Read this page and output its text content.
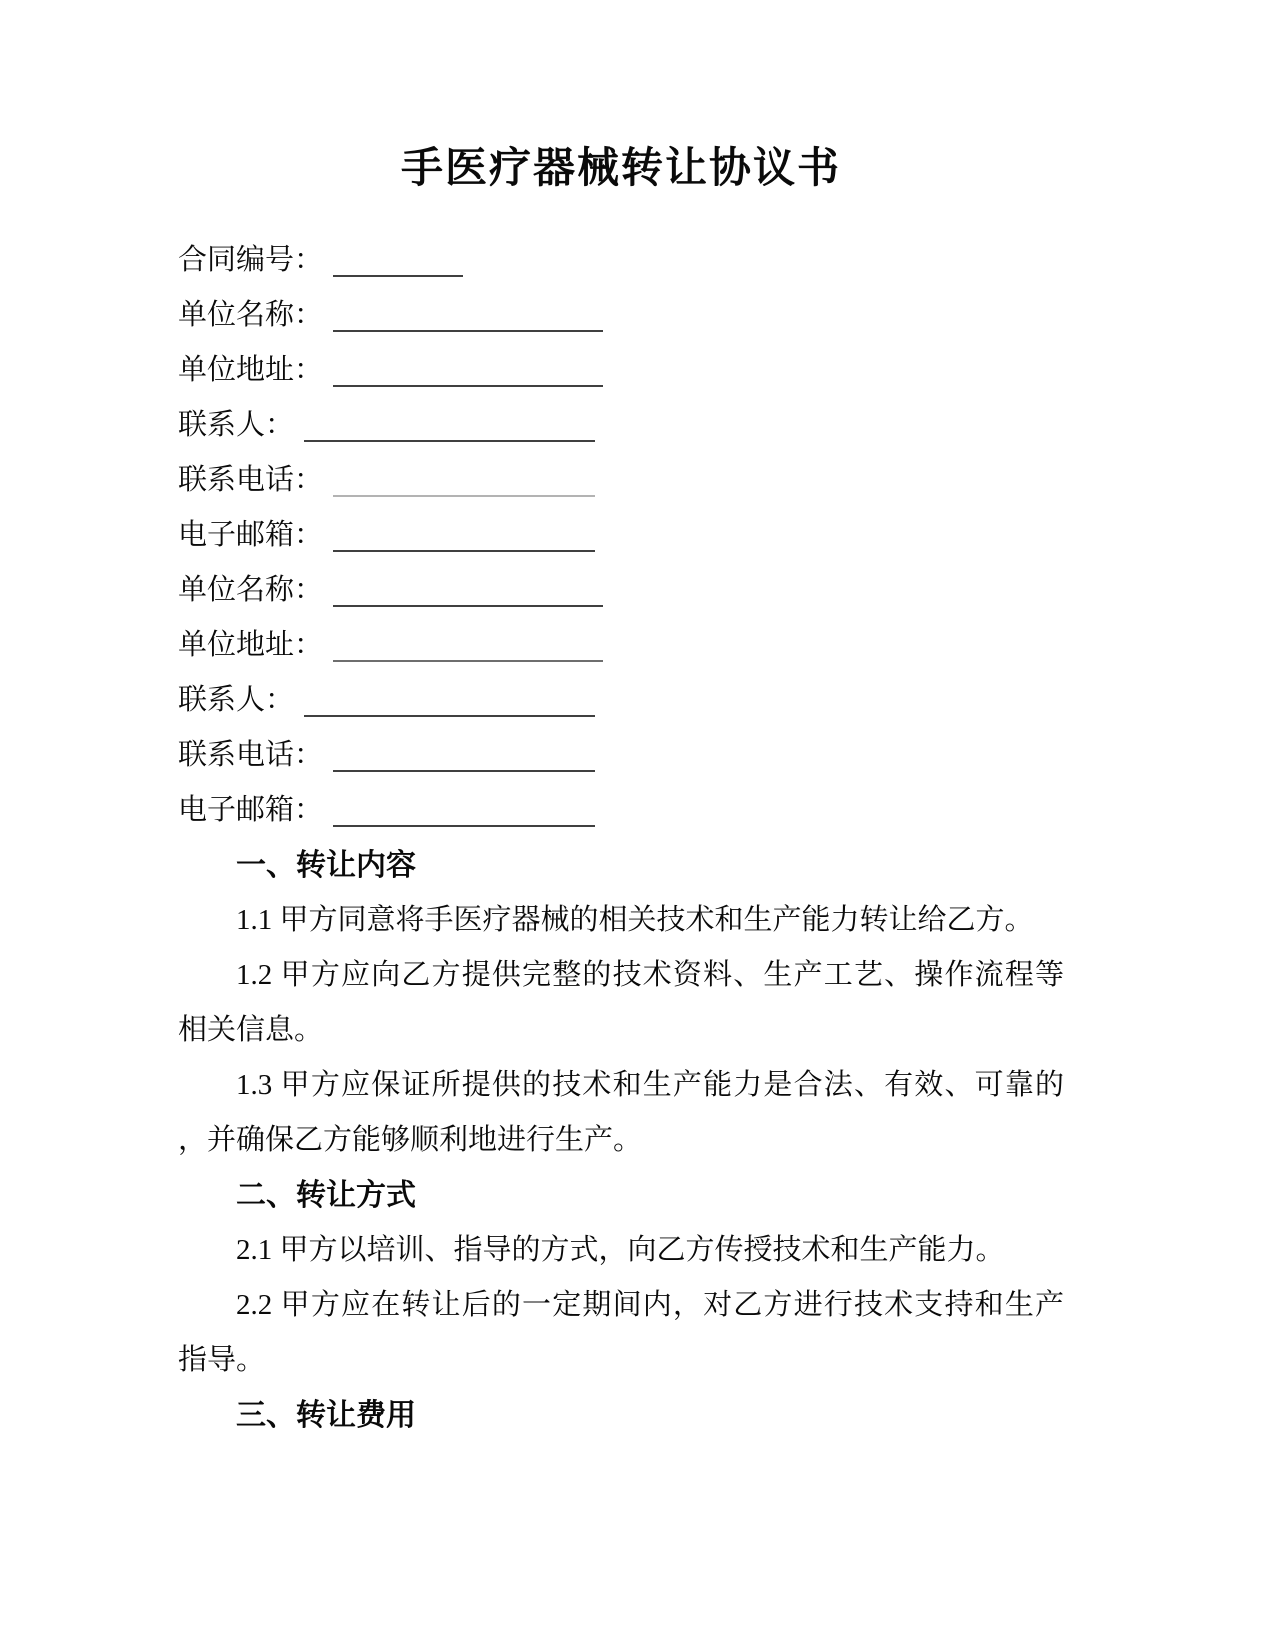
手医疗器械转让协议书
合同编号：
单位名称：
单位地址：
联系人：
联系电话：
电子邮箱：
单位名称：
单位地址：
联系人：
联系电话：
电子邮箱：
一、转让内容
1.1 甲方同意将手医疗器械的相关技术和生产能力转让给乙方。
1.2 甲方应向乙方提供完整的技术资料、生产工艺、操作流程等
相关信息。
1.3 甲方应保证所提供的技术和生产能力是合法、有效、可靠的
，并确保乙方能够顺利地进行生产。
二、转让方式
2.1 甲方以培训、指导的方式，向乙方传授技术和生产能力。
2.2 甲方应在转让后的一定期间内，对乙方进行技术支持和生产
指导。
三、转让费用
